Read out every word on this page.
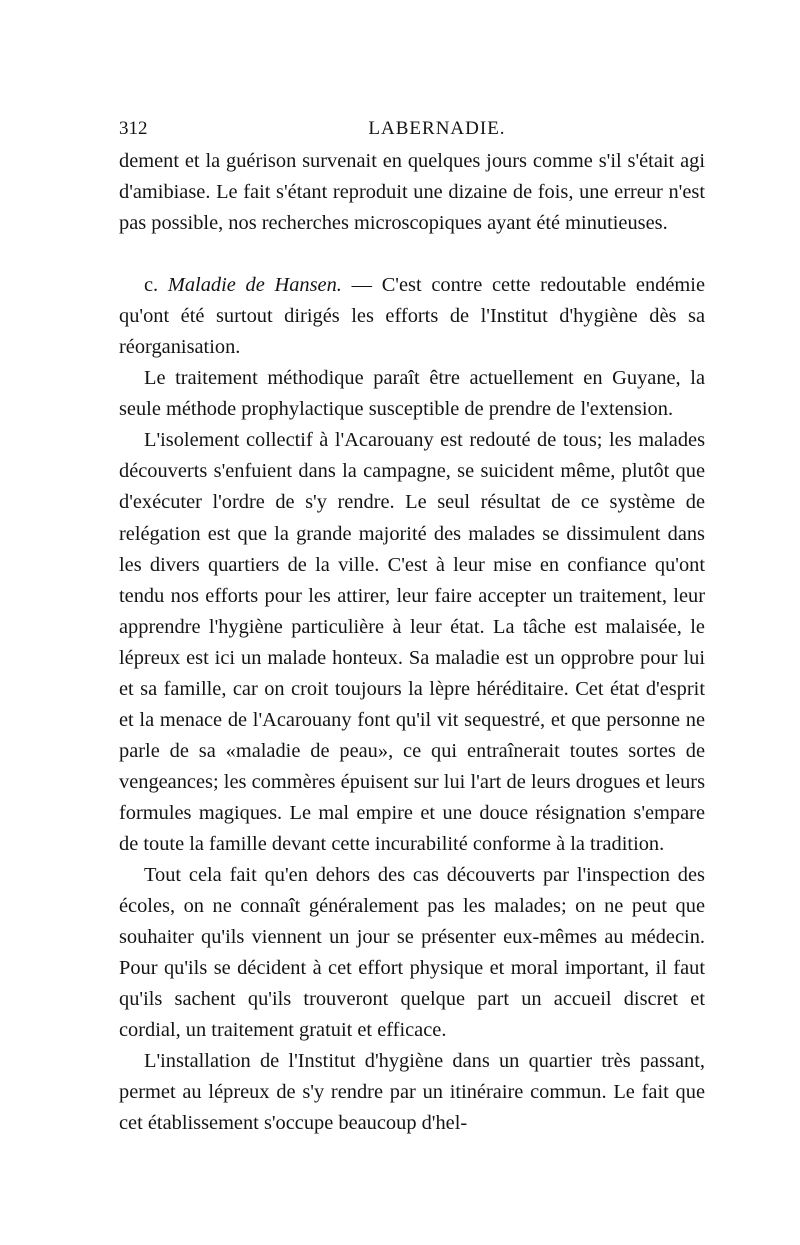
312	LABERNADIE.

dement et la guérison survenait en quelques jours comme s'il s'était agi d'amibiase. Le fait s'étant reproduit une dizaine de fois, une erreur n'est pas possible, nos recherches microscopiques ayant été minutieuses.

c. Maladie de Hansen. — C'est contre cette redoutable endémie qu'ont été surtout dirigés les efforts de l'Institut d'hygiène dès sa réorganisation.

Le traitement méthodique paraît être actuellement en Guyane, la seule méthode prophylactique susceptible de prendre de l'extension.

L'isolement collectif à l'Acarouany est redouté de tous; les malades découverts s'enfuient dans la campagne, se suicident même, plutôt que d'exécuter l'ordre de s'y rendre. Le seul résultat de ce système de relégation est que la grande majorité des malades se dissimulent dans les divers quartiers de la ville. C'est à leur mise en confiance qu'ont tendu nos efforts pour les attirer, leur faire accepter un traitement, leur apprendre l'hygiène particulière à leur état. La tâche est malaisée, le lépreux est ici un malade honteux. Sa maladie est un opprobre pour lui et sa famille, car on croit toujours la lèpre héréditaire. Cet état d'esprit et la menace de l'Acarouany font qu'il vit sequestré, et que personne ne parle de sa «maladie de peau», ce qui entraînerait toutes sortes de vengeances; les commères épuisent sur lui l'art de leurs drogues et leurs formules magiques. Le mal empire et une douce résignation s'empare de toute la famille devant cette incurabilité conforme à la tradition.

Tout cela fait qu'en dehors des cas découverts par l'inspection des écoles, on ne connaît généralement pas les malades; on ne peut que souhaiter qu'ils viennent un jour se présenter eux-mêmes au médecin. Pour qu'ils se décident à cet effort physique et moral important, il faut qu'ils sachent qu'ils trouveront quelque part un accueil discret et cordial, un traitement gratuit et efficace.

L'installation de l'Institut d'hygiène dans un quartier très passant, permet au lépreux de s'y rendre par un itinéraire commun. Le fait que cet établissement s'occupe beaucoup d'hel-
